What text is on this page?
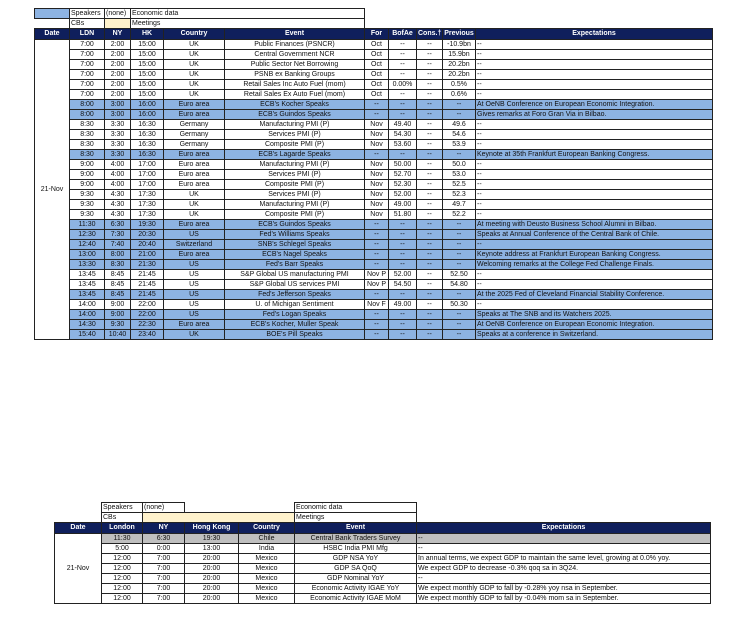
	Speakers	(none)	Economic data							
	CBs		Meetings							
Date	LDN	NY	HK	Country	Event	For	BofAe	Cons.†	Previous	Expectations
21-Nov	7:00	2:00	15:00	UK	Public Finances (PSNCR)	Oct	--	--	-10.9bn	--
	7:00	2:00	15:00	UK	Central Government NCR	Oct	--	--	15.9bn	--
	7:00	2:00	15:00	UK	Public Sector Net Borrowing	Oct	--	--	20.2bn	--
	7:00	2:00	15:00	UK	PSNB ex Banking Groups	Oct	--	--	20.2bn	--
	7:00	2:00	15:00	UK	Retail Sales Inc Auto Fuel (mom)	Oct	0.00%	--	0.5%	--
	7:00	2:00	15:00	UK	Retail Sales Ex Auto Fuel (mom)	Oct	--	--	0.6%	--
	8:00	3:00	16:00	Euro area	ECB's Kocher Speaks	--	--	--	--	At OeNB Conference on European Economic Integration.
	8:00	3:00	16:00	Euro area	ECB's Guindos Speaks	--	--	--	--	Gives remarks at Foro Gran Via in Bilbao.
	8:30	3:30	16:30	Germany	Manufacturing PMI (P)	Nov	49.40	--	49.6	--
	8:30	3:30	16:30	Germany	Services PMI (P)	Nov	54.30	--	54.6	--
	8:30	3:30	16:30	Germany	Composite PMI (P)	Nov	53.60	--	53.9	--
	8:30	3:30	16:30	Euro area	ECB's Lagarde Speaks	--	--	--	--	Keynote at 35th Frankfurt European Banking Congress.
	9:00	4:00	17:00	Euro area	Manufacturing PMI (P)	Nov	50.00	--	50.0	--
	9:00	4:00	17:00	Euro area	Services PMI (P)	Nov	52.70	--	53.0	--
	9:00	4:00	17:00	Euro area	Composite PMI (P)	Nov	52.30	--	52.5	--
	9:30	4:30	17:30	UK	Services PMI (P)	Nov	52.00	--	52.3	--
	9:30	4:30	17:30	UK	Manufacturing PMI (P)	Nov	49.00	--	49.7	--
	9:30	4:30	17:30	UK	Composite PMI (P)	Nov	51.80	--	52.2	--
	11:30	6:30	19:30	Euro area	ECB's Guindos Speaks	--	--	--	--	At meeting with Deusto Business School Alumni in Bilbao.
	12:30	7:30	20:30	US	Fed's Williams Speaks	--	--	--	--	Speaks at Annual Conference of the Central Bank of Chile.
	12:40	7:40	20:40	Switzerland	SNB's Schlegel Speaks	--	--	--	--	--
	13:00	8:00	21:00	Euro area	ECB's Nagel Speaks	--	--	--	--	Keynote address at Frankfurt European Banking Congress.
	13:30	8:30	21:30	US	Fed's Barr Speaks	--	--	--	--	Welcoming remarks at the College Fed Challenge Finals.
	13:45	8:45	21:45	US	S&P Global US manufacturing PMI	Nov P	52.00	--	52.50	--
	13:45	8:45	21:45	US	S&P Global US services PMI	Nov P	54.50	--	54.80	--
	13:45	8:45	21:45	US	Fed's Jefferson Speaks	--	--	--	--	At the 2025 Fed of Cleveland Financial Stability Conference.
	14:00	9:00	22:00	US	U. of Michigan Sentiment	Nov F	49.00	--	50.30	--
	14:00	9:00	22:00	US	Fed's Logan Speaks	--	--	--	--	Speaks at The SNB and its Watchers 2025.
	14:30	9:30	22:30	Euro area	ECB's Kocher, Muller Speak	--	--	--	--	At OeNB Conference on European Economic Integration.
	15:40	10:40	23:40	UK	BOE's Pill Speaks	--	--	--	--	Speaks at a conference in Switzerland.
	Speakers	(none)			Economic data	
	CBs				Meetings	
Date	London	NY	Hong Kong	Country	Event	Expectations
21-Nov	11:30	6:30	19:30	Chile	Central Bank Traders Survey	--
	5:00	0:00	13:00	India	HSBC India PMI Mfg	--
	12:00	7:00	20:00	Mexico	GDP NSA YoY	In annual terms, we expect GDP to maintain the same level, growing at 0.0% yoy.
	12:00	7:00	20:00	Mexico	GDP SA QoQ	We expect GDP to decrease -0.3% qoq sa in 3Q24.
	12:00	7:00	20:00	Mexico	GDP Nominal YoY	--
	12:00	7:00	20:00	Mexico	Economic Activity IGAE YoY	We expect monthly GDP to fall by -0.28% yoy nsa in September.
	12:00	7:00	20:00	Mexico	Economic Activity IGAE MoM	We expect monthly GDP to fall by -0.04% mom sa in September.
